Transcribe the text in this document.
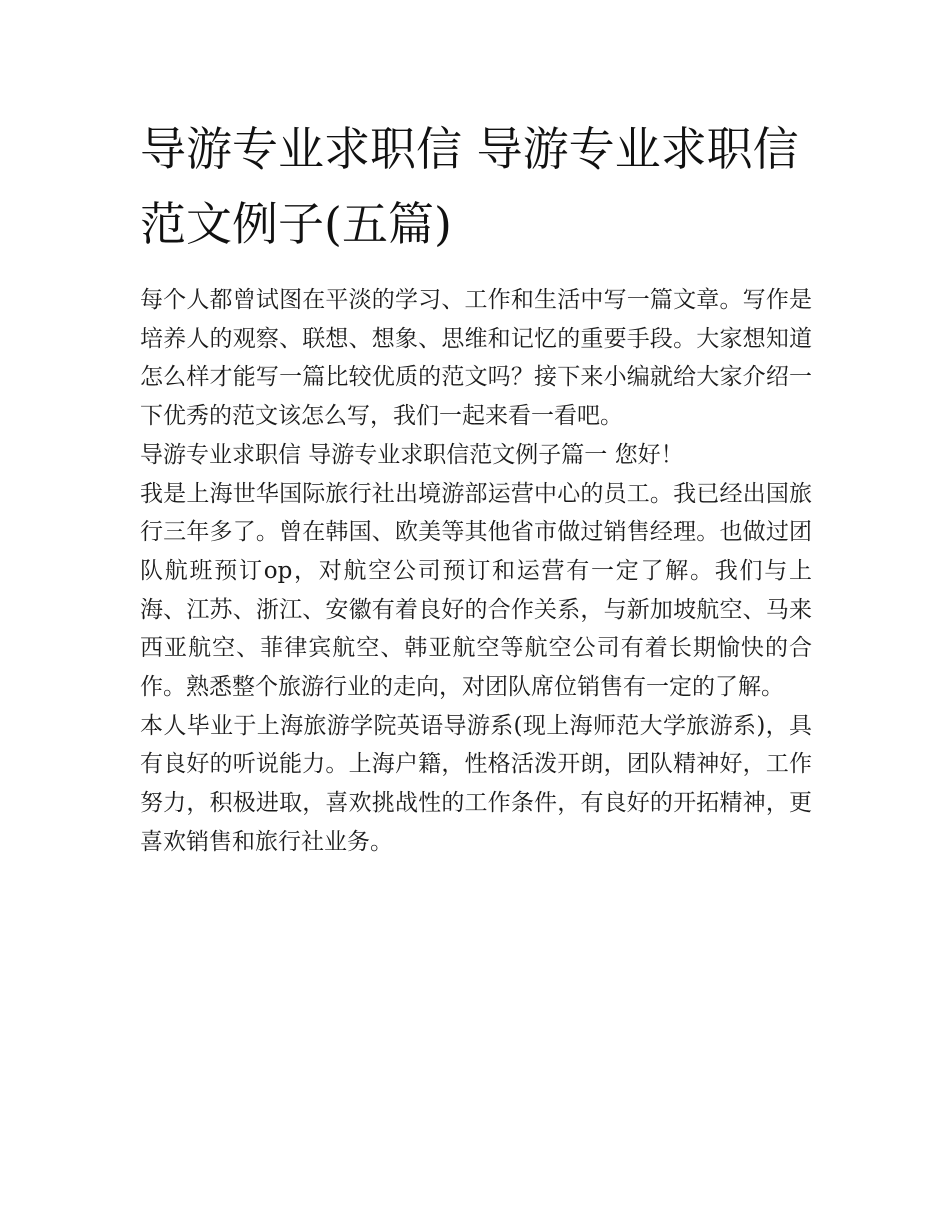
导游专业求职信 导游专业求职信范文例子(五篇)

每个人都曾试图在平淡的学习、工作和生活中写一篇文章。写作是培养人的观察、联想、想象、思维和记忆的重要手段。大家想知道怎么样才能写一篇比较优质的范文吗？接下来小编就给大家介绍一下优秀的范文该怎么写，我们一起来看一看吧。

导游专业求职信 导游专业求职信范文例子篇一 您好！

我是上海世华国际旅行社出境游部运营中心的员工。我已经出国旅行三年多了。曾在韩国、欧美等其他省市做过销售经理。也做过团队航班预订op，对航空公司预订和运营有一定了解。我们与上海、江苏、浙江、安徽有着良好的合作关系，与新加坡航空、马来西亚航空、菲律宾航空、韩亚航空等航空公司有着长期愉快的合作。熟悉整个旅游行业的走向，对团队席位销售有一定的了解。

本人毕业于上海旅游学院英语导游系(现上海师范大学旅游系)，具有良好的听说能力。上海户籍，性格活泼开朗，团队精神好，工作努力，积极进取，喜欢挑战性的工作条件，有良好的开拓精神，更喜欢销售和旅行社业务。
